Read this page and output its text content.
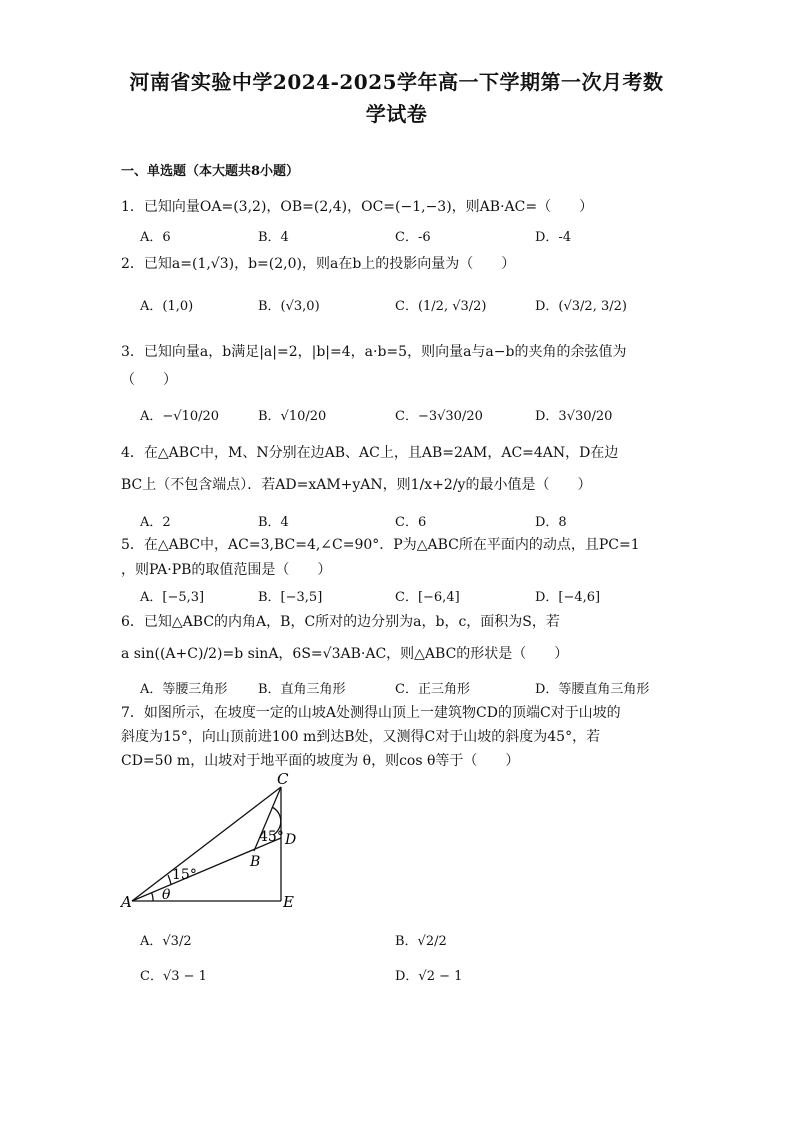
河南省实验中学2024-2025学年高一下学期第一次月考数
学试卷
一、单选题（本大题共8小题）
1．已知向量OA=(3,2)，OB=(2,4)，OC=(−1,−3)，则AB·AC=（　　）
A．6	B．4	C．-6	D．-4
2．已知a=(1,√3)，b=(2,0)，则a在b上的投影向量为（　　）
A．(1,0)	B．(√3,0)	C．(1/2, √3/2)	D．(√3/2, 3/2)
3．已知向量a，b满足|a|=2，|b|=4，a·b=5，则向量a与a−b的夹角的余弦值为
（　　）
A．−√10/20	B．√10/20	C．−3√30/20	D．3√30/20
4．在△ABC中，M、N分别在边AB、AC上，且AB=2AM，AC=4AN，D在边
BC上（不包含端点）．若AD=xAM+yAN，则1/x+2/y的最小值是（　　）
A．2	B．4	C．6	D．8
5．在△ABC中，AC=3,BC=4,∠C=90°．P为△ABC所在平面内的动点，且PC=1
，则PA·PB的取值范围是（　　）
A．[−5,3]	B．[−3,5]	C．[−6,4]	D．[−4,6]
6．已知△ABC的内角A，B，C所对的边分别为a，b，c，面积为S，若
a sin((A+C)/2)=b sinA，6S=√3AB·AC，则△ABC的形状是（　　）
A．等腰三角形 B．直角三角形	C．正三角形	D．等腰直角三角形
7．如图所示，在坡度一定的山坡A处测得山顶上一建筑物CD的顶端C对于山坡的
斜度为15°，向山顶前进100 m到达B处，又测得C对于山坡的斜度为45°，若
CD=50 m，山坡对于地平面的坡度为 θ，则cos θ等于（　　）
A
B
C
D
E
15°
45°
θ
A．√3/2	B．√2/2
C．√3 − 1	D．√2 − 1
